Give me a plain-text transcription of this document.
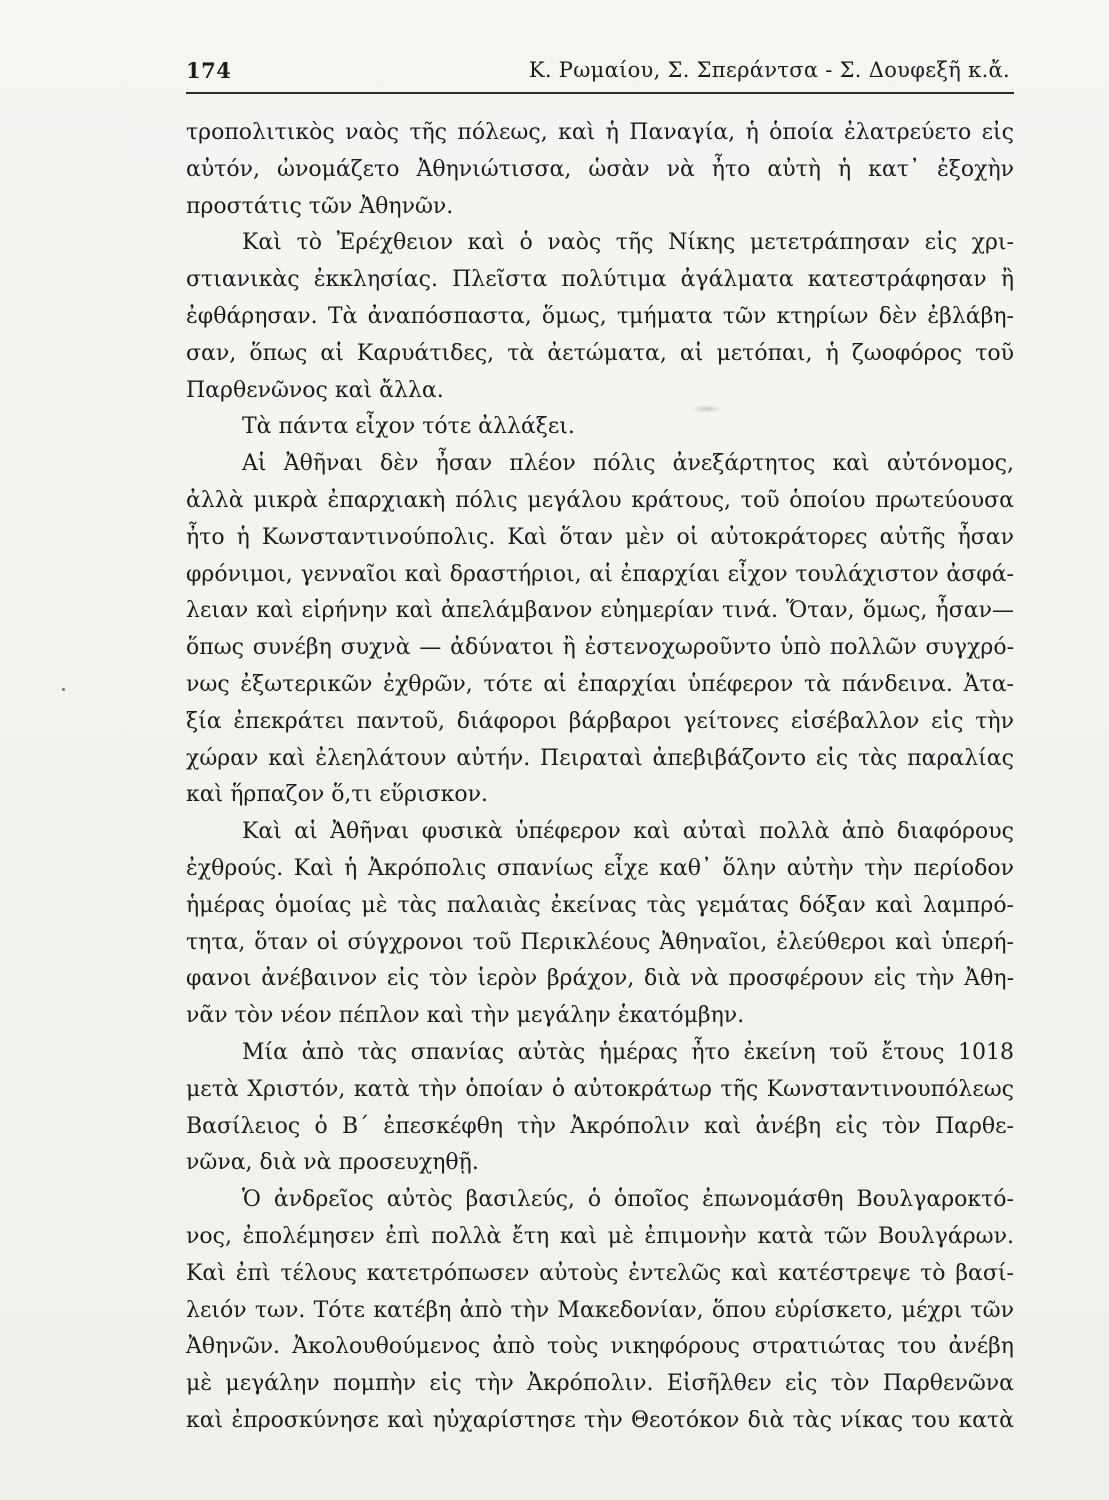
174	Κ. Ρωμαίου, Σ. Σπεράντσα - Σ. Δουφεξῆ κ.ἄ.
τροπολιτικὸς ναὸς τῆς πόλεως, καὶ ἡ Παναγία, ἡ ὁποία ἐλατρεύετο εἰς
αὐτόν, ὠνομάζετο Ἀθηνιώτισσα, ὡσὰν νὰ ἦτο αὐτὴ ἡ κατ᾿ ἐξοχὴν
προστάτις τῶν Ἀθηνῶν.
Καὶ τὸ Ἐρέχθειον καὶ ὁ ναὸς τῆς Νίκης μετετράπησαν εἰς χρι-
στιανικὰς ἐκκλησίας. Πλεῖστα πολύτιμα ἀγάλματα κατεστράφησαν ἢ
ἐφθάρησαν. Τὰ ἀναπόσπαστα, ὅμως, τμήματα τῶν κτηρίων δὲν ἐβλάβη-
σαν, ὅπως αἱ Καρυάτιδες, τὰ ἀετώματα, αἱ μετόπαι, ἡ ζωοφόρος τοῦ
Παρθενῶνος καὶ ἄλλα.
Τὰ πάντα εἶχον τότε ἀλλάξει.
Αἱ Ἀθῆναι δὲν ἦσαν πλέον πόλις ἀνεξάρτητος καὶ αὐτόνομος,
ἀλλὰ μικρὰ ἐπαρχιακὴ πόλις μεγάλου κράτους, τοῦ ὁποίου πρωτεύουσα
ἦτο ἡ Κωνσταντινούπολις. Καὶ ὅταν μὲν οἱ αὐτοκράτορες αὐτῆς ἦσαν
φρόνιμοι, γενναῖοι καὶ δραστήριοι, αἱ ἐπαρχίαι εἶχον τουλάχιστον ἀσφά-
λειαν καὶ εἰρήνην καὶ ἀπελάμβανον εὐημερίαν τινά. Ὅταν, ὅμως, ἦσαν—
ὅπως συνέβη συχνὰ — ἀδύνατοι ἢ ἐστενοχωροῦντο ὑπὸ πολλῶν συγχρό-
νως ἐξωτερικῶν ἐχθρῶν, τότε αἱ ἐπαρχίαι ὑπέφερον τὰ πάνδεινα. Ἀτα-
ξία ἐπεκράτει παντοῦ, διάφοροι βάρβαροι γείτονες εἰσέβαλλον εἰς τὴν
χώραν καὶ ἐλεηλάτουν αὐτήν. Πειραταὶ ἀπεβιβάζοντο εἰς τὰς παραλίας
καὶ ἥρπαζον ὅ,τι εὕρισκον.
Καὶ αἱ Ἀθῆναι φυσικὰ ὑπέφερον καὶ αὐταὶ πολλὰ ἀπὸ διαφόρους
ἐχθρούς. Καὶ ἡ Ἀκρόπολις σπανίως εἶχε καθ᾿ ὅλην αὐτὴν τὴν περίοδον
ἡμέρας ὁμοίας μὲ τὰς παλαιὰς ἐκείνας τὰς γεμάτας δόξαν καὶ λαμπρό-
τητα, ὅταν οἱ σύγχρονοι τοῦ Περικλέους Ἀθηναῖοι, ἐλεύθεροι καὶ ὑπερή-
φανοι ἀνέβαινον εἰς τὸν ἱερὸν βράχον, διὰ νὰ προσφέρουν εἰς τὴν Ἀθη-
νᾶν τὸν νέον πέπλον καὶ τὴν μεγάλην ἑκατόμβην.
Μία ἀπὸ τὰς σπανίας αὐτὰς ἡμέρας ἦτο ἐκείνη τοῦ ἔτους 1018
μετὰ Χριστόν, κατὰ τὴν ὁποίαν ὁ αὐτοκράτωρ τῆς Κωνσταντινουπόλεως
Βασίλειος ὁ Β΄ ἐπεσκέφθη τὴν Ἀκρόπολιν καὶ ἀνέβη εἰς τὸν Παρθε-
νῶνα, διὰ νὰ προσευχηθῇ.
Ὁ ἀνδρεῖος αὐτὸς βασιλεύς, ὁ ὁποῖος ἐπωνομάσθη Βουλγαροκτό-
νος, ἐπολέμησεν ἐπὶ πολλὰ ἔτη καὶ μὲ ἐπιμονὴν κατὰ τῶν Βουλγάρων.
Καὶ ἐπὶ τέλους κατετρόπωσεν αὐτοὺς ἐντελῶς καὶ κατέστρεψε τὸ βασί-
λειόν των. Τότε κατέβη ἀπὸ τὴν Μακεδονίαν, ὅπου εὑρίσκετο, μέχρι τῶν
Ἀθηνῶν. Ἀκολουθούμενος ἀπὸ τοὺς νικηφόρους στρατιώτας του ἀνέβη
μὲ μεγάλην πομπὴν εἰς τὴν Ἀκρόπολιν. Εἰσῆλθεν εἰς τὸν Παρθενῶνα
καὶ ἐπροσκύνησε καὶ ηὐχαρίστησε τὴν Θεοτόκον διὰ τὰς νίκας του κατὰ
